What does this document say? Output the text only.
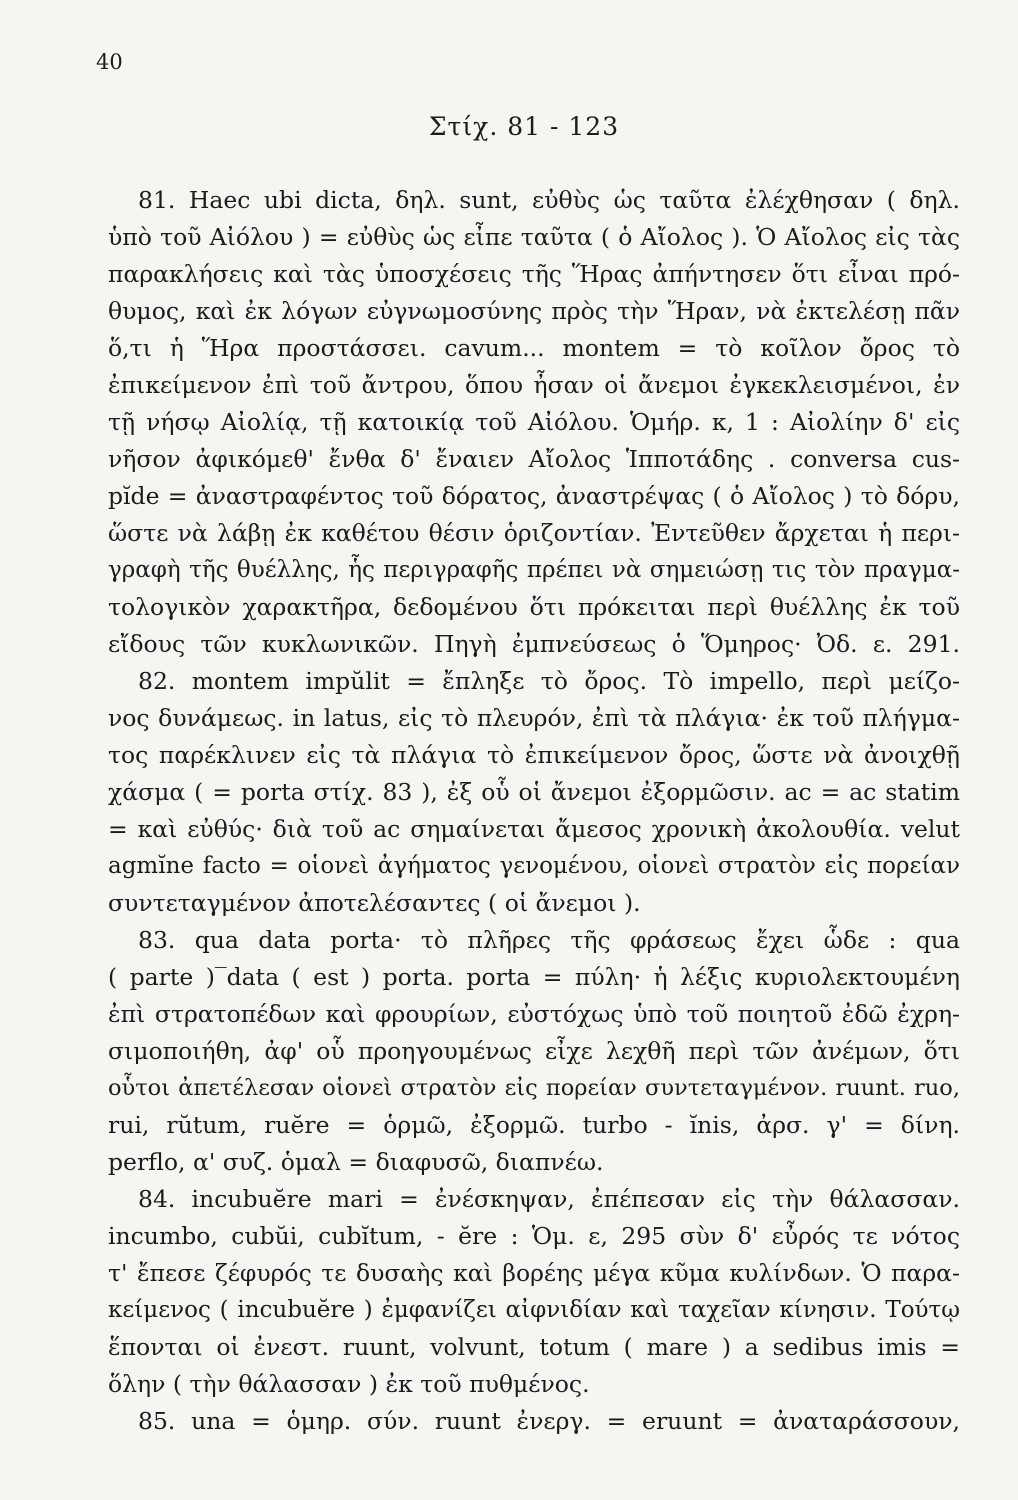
40
Στίχ. 81 - 123
81. Haec ubi dicta, δηλ. sunt, εὐθὺς ὡς ταῦτα ἐλέχθησαν ( δηλ.
ὑπὸ τοῦ Αἰόλου ) = εὐθὺς ὡς εἶπε ταῦτα ( ὁ Αἴολος ). Ὁ Αἴολος εἰς τὰς
παρακλήσεις καὶ τὰς ὑποσχέσεις τῆς Ἥρας ἀπήντησεν ὅτι εἶναι πρό-
θυμος, καὶ ἐκ λόγων εὐγνωμοσύνης πρὸς τὴν Ἥραν, νὰ ἐκτελέσῃ πᾶν
ὅ,τι ἡ Ἥρα προστάσσει. cavum... montem = τὸ κοῖλον ὄρος τὸ
ἐπικείμενον ἐπὶ τοῦ ἄντρου, ὅπου ἦσαν οἱ ἄνεμοι ἐγκεκλεισμένοι, ἐν
τῇ νήσῳ Αἰολίᾳ, τῇ κατοικίᾳ τοῦ Αἰόλου. Ὁμήρ. κ, 1 : Αἰολίην δ' εἰς
νῆσον ἀφικόμεθ' ἔνθα δ' ἔναιεν Αἴολος Ἱπποτάδης . conversa cus-
pĭde = ἀναστραφέντος τοῦ δόρατος, ἀναστρέψας ( ὁ Αἴολος ) τὸ δόρυ,
ὥστε νὰ λάβῃ ἐκ καθέτου θέσιν ὁριζοντίαν. Ἐντεῦθεν ἄρχεται ἡ περι-
γραφὴ τῆς θυέλλης, ἧς περιγραφῆς πρέπει νὰ σημειώσῃ τις τὸν πραγμα-
τολογικὸν χαρακτῆρα, δεδομένου ὅτι πρόκειται περὶ θυέλλης ἐκ τοῦ
εἴδους τῶν κυκλωνικῶν. Πηγὴ ἐμπνεύσεως ὁ Ὅμηρος· Ὀδ. ε. 291.
82. montem impŭlit = ἔπληξε τὸ ὄρος. Τὸ impello, περὶ μείζο-
νος δυνάμεως. in latus, εἰς τὸ πλευρόν, ἐπὶ τὰ πλάγια· ἐκ τοῦ πλήγμα-
τος παρέκλινεν εἰς τὰ πλάγια τὸ ἐπικείμενον ὄρος, ὥστε νὰ ἀνοιχθῇ
χάσμα ( = porta στίχ. 83 ), ἐξ οὗ οἱ ἄνεμοι ἐξορμῶσιν. ac = ac statim
= καὶ εὐθύς· διὰ τοῦ ac σημαίνεται ἄμεσος χρονικὴ ἀκολουθία. velut
agmĭne facto = οἱονεὶ ἀγήματος γενομένου, οἱονεὶ στρατὸν εἰς πορείαν
συντεταγμένον ἀποτελέσαντες ( οἱ ἄνεμοι ).
83. qua data porta· τὸ πλῆρες τῆς φράσεως ἔχει ὧδε : qua
( parte )‾data ( est ) porta. porta = πύλη· ἡ λέξις κυριολεκτουμένη
ἐπὶ στρατοπέδων καὶ φρουρίων, εὐστόχως ὑπὸ τοῦ ποιητοῦ ἐδῶ ἐχρη-
σιμοποιήθη, ἀφ' οὗ προηγουμένως εἶχε λεχθῆ περὶ τῶν ἀνέμων, ὅτι
οὗτοι ἀπετέλεσαν οἱονεὶ στρατὸν εἰς πορείαν συντεταγμένον. ruunt. ruo,
rui, rŭtum, ruĕre = ὁρμῶ, ἐξορμῶ. turbo - ĭnis, ἀρσ. γ' = δίνη.
perflo, α' συζ. ὁμαλ = διαφυσῶ, διαπνέω.
84. incubuĕre mari = ἐνέσκηψαν, ἐπέπεσαν εἰς τὴν θάλασσαν.
incumbo, cubŭi, cubĭtum, - ĕre : Ὁμ. ε, 295 σὺν δ' εὖρός τε νότος
τ' ἔπεσε ζέφυρός τε δυσαὴς καὶ βορέης μέγα κῦμα κυλίνδων. Ὁ παρα-
κείμενος ( incubuĕre ) ἐμφανίζει αἰφνιδίαν καὶ ταχεῖαν κίνησιν. Τούτῳ
ἕπονται οἱ ἐνεστ. ruunt, volvunt, totum ( mare ) a sedibus imis =
ὅλην ( τὴν θάλασσαν ) ἐκ τοῦ πυθμένος.
85. una = ὁμηρ. σύν. ruunt ἐνεργ. = eruunt = ἀναταράσσουν,
